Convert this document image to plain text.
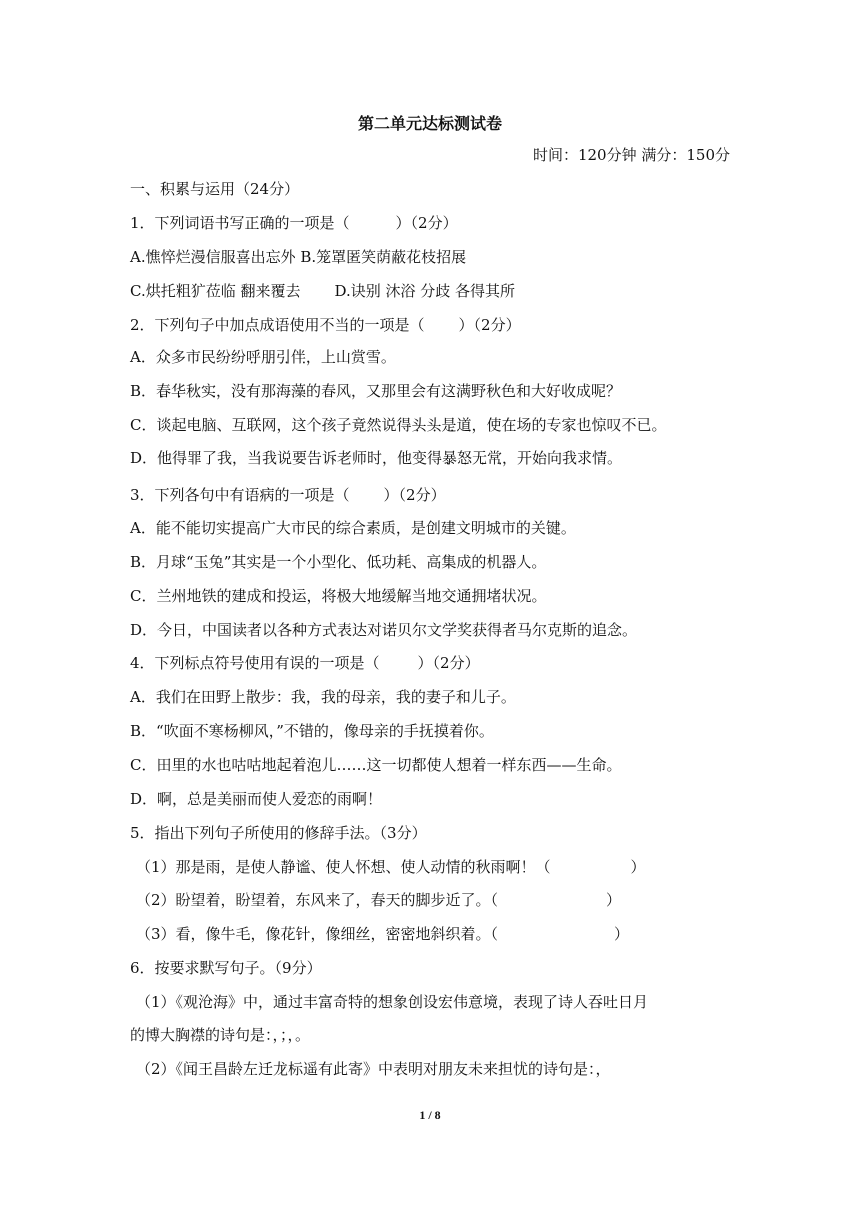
第二单元达标测试卷
时间：120分钟 满分：150分
一、积累与运用（24分）
1．下列词语书写正确的一项是（	）（2分）
A.憔悴烂漫信服喜出忘外 B.笼罩匿笑荫蔽花枝招展
C.烘托粗犷莅临 翻来覆去 D.诀别 沐浴 分歧 各得其所
2．下列句子中加点成语使用不当的一项是（ ）（2分）
A．众多市民纷纷呼朋引伴 • • • •，上山赏雪。
B．春华秋实 • • • •，没有那海藻的春风，又那里会有这满野秋色和大好收成呢？
C．谈起电脑、互联网，这个孩子竟然说得头头是道 • • • •，使在场的专家也惊叹不已。
D．他得罪了我，当我说要告诉老师时，他变得暴怒无常 • • • •，开始向我求情。
3．下列各句中有语病的一项是（ ）（2分）
A．能不能切实提高广大市民的综合素质，是创建文明城市的关键。
B．月球“玉兔”其实是一个小型化、低功耗、高集成的机器人。
C．兰州地铁的建成和投运，将极大地缓解当地交通拥堵状况。
D．今日，中国读者以各种方式表达对诺贝尔文学奖获得者马尔克斯的追念。
4．下列标点符号使用有误的一项是（	）（2分）
A．我们在田野上散步：我，我的母亲，我的妻子和儿子。
B．“吹面不寒杨柳风，”不错的，像母亲的手抚摸着你。
C．田里的水也咕咕地起着泡儿……这一切都使人想着一样东西——生命。
D．啊，总是美丽而使人爱恋的雨啊！
5．指出下列句子所使用的修辞手法。（3分）
（1）那是雨，是使人静谧、使人怀想、使人动情的秋雨啊！（	）
（2）盼望着，盼望着，东风来了，春天的脚步近了。（	）
（3）看，像牛毛，像花针，像细丝，密密地斜织着。（	）
6．按要求默写句子。（9分）
（1）《观沧海》中，通过丰富奇特的想象创设宏伟意境，表现了诗人吞吐日月
的博大胸襟的诗句是：，；，。
（2）《闻王昌龄左迁龙标遥有此寄》中表明对朋友未来担忧的诗句是：，
1 / 8
